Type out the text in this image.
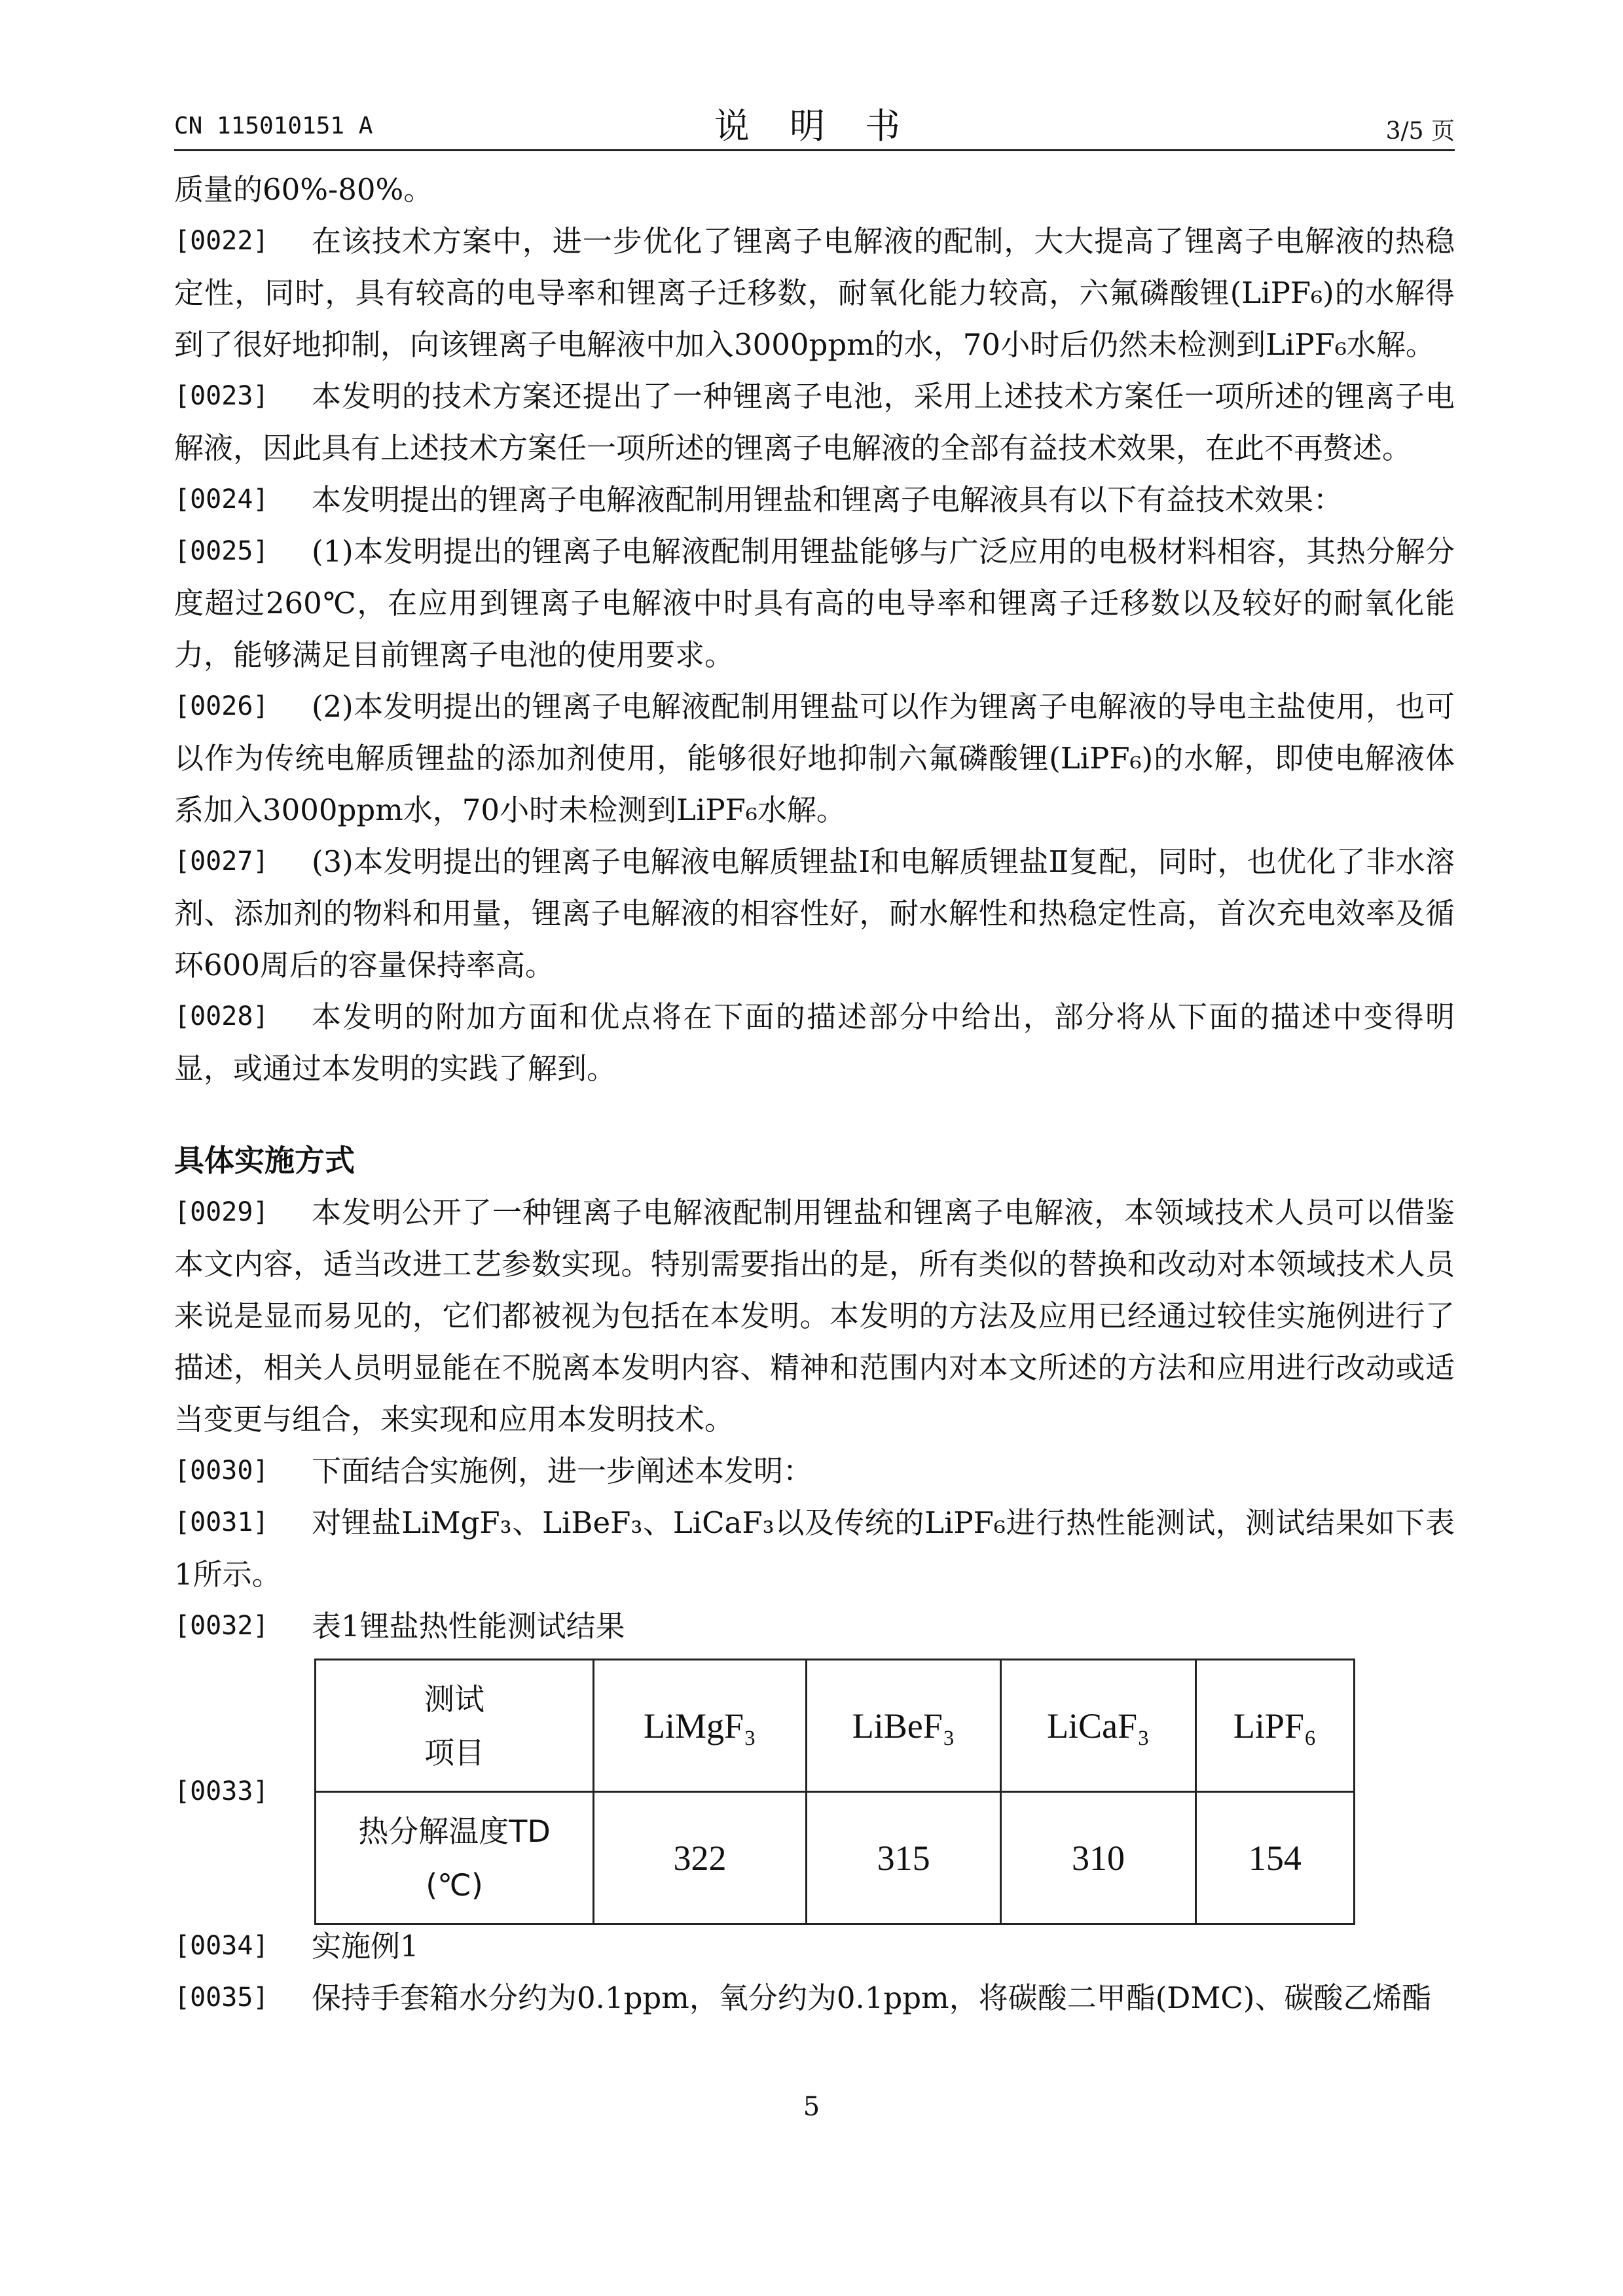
CN 115010151 A	说 明 书	3/5 页
质量的60%-80%。
[0022]	在该技术方案中，进一步优化了锂离子电解液的配制，大大提高了锂离子电解液的热稳定性，同时，具有较高的电导率和锂离子迁移数，耐氧化能力较高，六氟磷酸锂(LiPF₆)的水解得到了很好地抑制，向该锂离子电解液中加入3000ppm的水，70小时后仍然未检测到LiPF₆水解。
[0023]	本发明的技术方案还提出了一种锂离子电池，采用上述技术方案任一项所述的锂离子电解液，因此具有上述技术方案任一项所述的锂离子电解液的全部有益技术效果，在此不再赘述。
[0024]	本发明提出的锂离子电解液配制用锂盐和锂离子电解液具有以下有益技术效果：
[0025]	(1)本发明提出的锂离子电解液配制用锂盐能够与广泛应用的电极材料相容，其热分解分度超过260℃，在应用到锂离子电解液中时具有高的电导率和锂离子迁移数以及较好的耐氧化能力，能够满足目前锂离子电池的使用要求。
[0026]	(2)本发明提出的锂离子电解液配制用锂盐可以作为锂离子电解液的导电主盐使用，也可以作为传统电解质锂盐的添加剂使用，能够很好地抑制六氟磷酸锂(LiPF₆)的水解，即使电解液体系加入3000ppm水，70小时未检测到LiPF₆水解。
[0027]	(3)本发明提出的锂离子电解液电解质锂盐Ⅰ和电解质锂盐Ⅱ复配，同时，也优化了非水溶剂、添加剂的物料和用量，锂离子电解液的相容性好，耐水解性和热稳定性高，首次充电效率及循环600周后的容量保持率高。
[0028]	本发明的附加方面和优点将在下面的描述部分中给出，部分将从下面的描述中变得明显，或通过本发明的实践了解到。
具体实施方式
[0029]	本发明公开了一种锂离子电解液配制用锂盐和锂离子电解液，本领域技术人员可以借鉴本文内容，适当改进工艺参数实现。特别需要指出的是，所有类似的替换和改动对本领域技术人员来说是显而易见的，它们都被视为包括在本发明。本发明的方法及应用已经通过较佳实施例进行了描述，相关人员明显能在不脱离本发明内容、精神和范围内对本文所述的方法和应用进行改动或适当变更与组合，来实现和应用本发明技术。
[0030]	下面结合实施例，进一步阐述本发明：
[0031]	对锂盐LiMgF₃、LiBeF₃、LiCaF₃以及传统的LiPF₆进行热性能测试，测试结果如下表1所示。
[0032]	表1锂盐热性能测试结果
[0033]
测试
项目	LiMgF₃	LiBeF₃	LiCaF₃	LiPF₆

热分解温度TD
(℃)	322	315	310	154
[0034]	实施例1
[0035]	保持手套箱水分约为0.1ppm，氧分约为0.1ppm，将碳酸二甲酯(DMC)、碳酸乙烯酯
5
